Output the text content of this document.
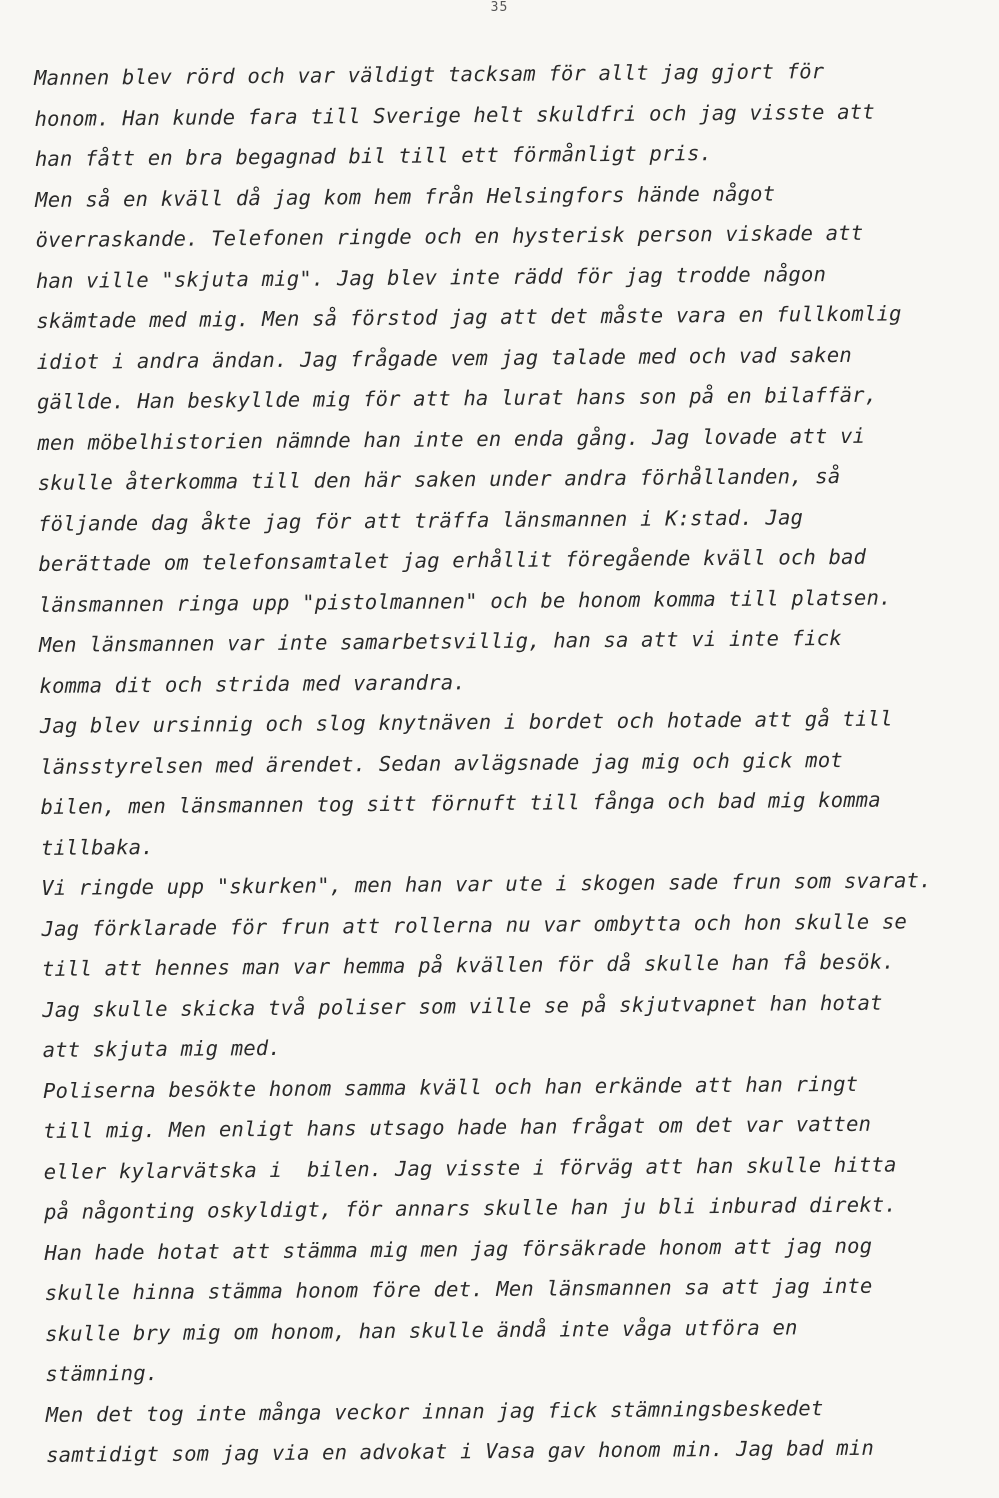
35
Mannen blev rörd och var väldigt tacksam för allt jag gjort för
honom. Han kunde fara till Sverige helt skuldfri och jag visste att
han fått en bra begagnad bil till ett förmånligt pris.
Men så en kväll då jag kom hem från Helsingfors hände något
överraskande. Telefonen ringde och en hysterisk person viskade att
han ville "skjuta mig". Jag blev inte rädd för jag trodde någon
skämtade med mig. Men så förstod jag att det måste vara en fullkomlig
idiot i andra ändan. Jag frågade vem jag talade med och vad saken
gällde. Han beskyllde mig för att ha lurat hans son på en bilaffär,
men möbelhistorien nämnde han inte en enda gång. Jag lovade att vi
skulle återkomma till den här saken under andra förhållanden, så
följande dag åkte jag för att träffa länsmannen i K:stad. Jag
berättade om telefonsamtalet jag erhållit föregående kväll och bad
länsmannen ringa upp "pistolmannen" och be honom komma till platsen.
Men länsmannen var inte samarbetsvillig, han sa att vi inte fick
komma dit och strida med varandra.
Jag blev ursinnig och slog knytnäven i bordet och hotade att gå till
länsstyrelsen med ärendet. Sedan avlägsnade jag mig och gick mot
bilen, men länsmannen tog sitt förnuft till fånga och bad mig komma
tillbaka.
Vi ringde upp "skurken", men han var ute i skogen sade frun som svarat.
Jag förklarade för frun att rollerna nu var ombytta och hon skulle se
till att hennes man var hemma på kvällen för då skulle han få besök.
Jag skulle skicka två poliser som ville se på skjutvapnet han hotat
att skjuta mig med.
Poliserna besökte honom samma kväll och han erkände att han ringt
till mig. Men enligt hans utsago hade han frågat om det var vatten
eller kylarvätska i  bilen. Jag visste i förväg att han skulle hitta
på någonting oskyldigt, för annars skulle han ju bli inburad direkt.
Han hade hotat att stämma mig men jag försäkrade honom att jag nog
skulle hinna stämma honom före det. Men länsmannen sa att jag inte
skulle bry mig om honom, han skulle ändå inte våga utföra en
stämning.
Men det tog inte många veckor innan jag fick stämningsbeskedet
samtidigt som jag via en advokat i Vasa gav honom min. Jag bad min
